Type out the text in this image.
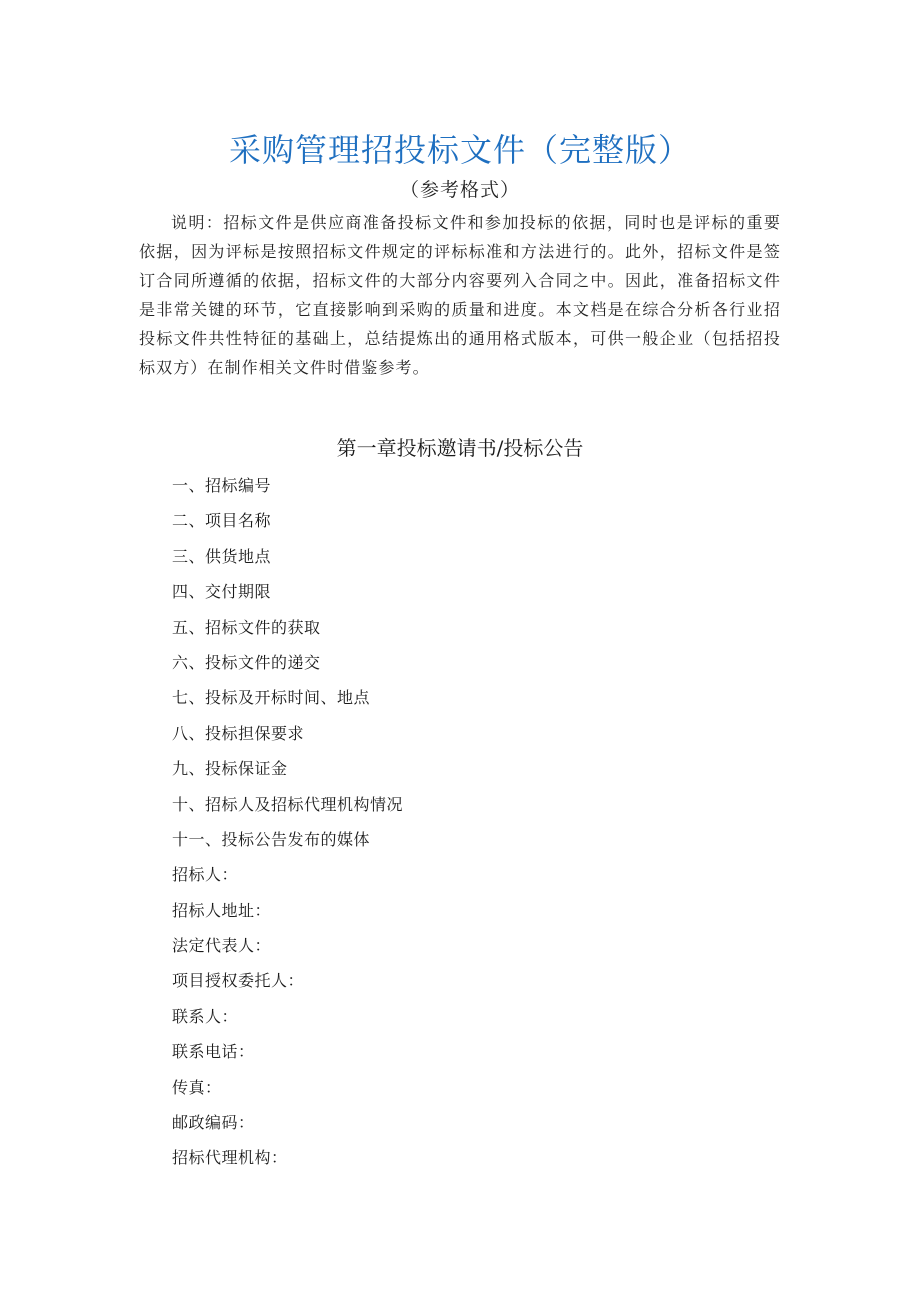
采购管理招投标文件（完整版）
（参考格式）

说明：招标文件是供应商准备投标文件和参加投标的依据，同时也是评标的重要依据，因为评标是按照招标文件规定的评标标准和方法进行的。此外，招标文件是签订合同所遵循的依据，招标文件的大部分内容要列入合同之中。因此，准备招标文件是非常关键的环节，它直接影响到采购的质量和进度。本文档是在综合分析各行业招投标文件共性特征的基础上，总结提炼出的通用格式版本，可供一般企业（包括招投标双方）在制作相关文件时借鉴参考。

第一章投标邀请书/投标公告
一、招标编号
二、项目名称
三、供货地点
四、交付期限
五、招标文件的获取
六、投标文件的递交
七、投标及开标时间、地点
八、投标担保要求
九、投标保证金
十、招标人及招标代理机构情况
十一、投标公告发布的媒体
招标人：
招标人地址：
法定代表人：
项目授权委托人：
联系人：
联系电话：
传真：
邮政编码：
招标代理机构：
